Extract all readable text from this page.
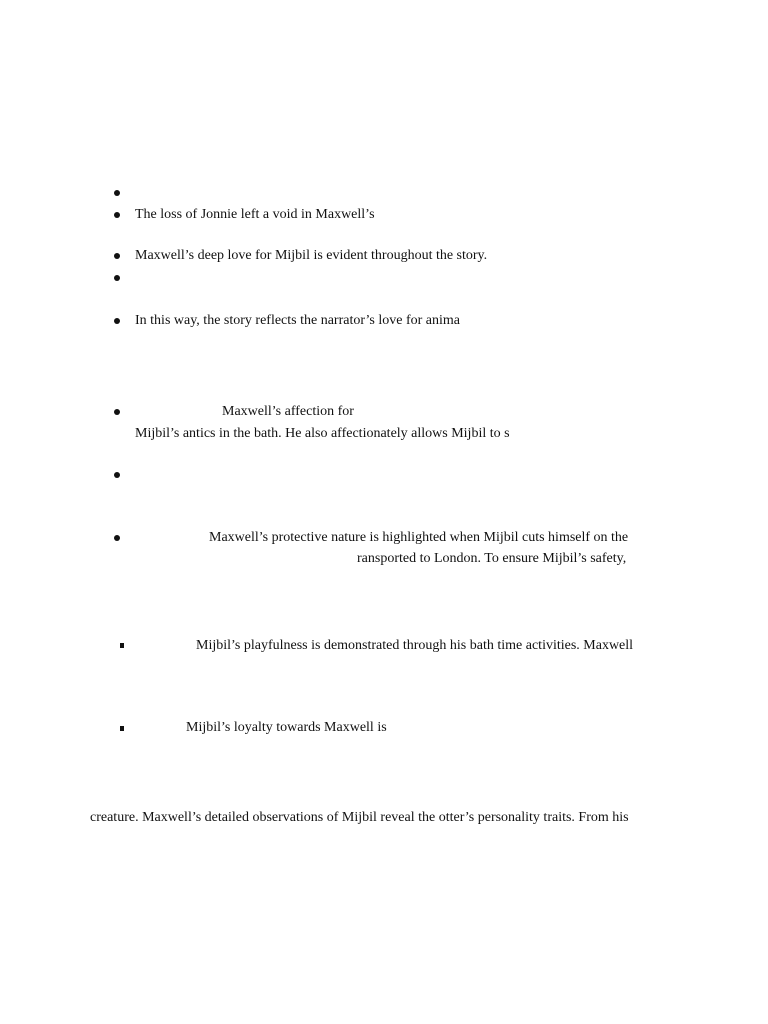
The loss of Jonnie left a void in Maxwell’s
Maxwell’s deep love for Mijbil is evident throughout the story.
In this way, the story reflects the narrator’s love for anima
Maxwell’s affection for
Mijbil’s antics in the bath. He also affectionately allows Mijbil to s
Maxwell’s protective nature is highlighted when Mijbil cuts himself on the
ransported to London. To ensure Mijbil’s safety,
Mijbil’s playfulness is demonstrated through his bath time activities. Maxwell
Mijbil’s loyalty towards Maxwell is
creature. Maxwell’s detailed observations of Mijbil reveal the otter’s personality traits. From his
